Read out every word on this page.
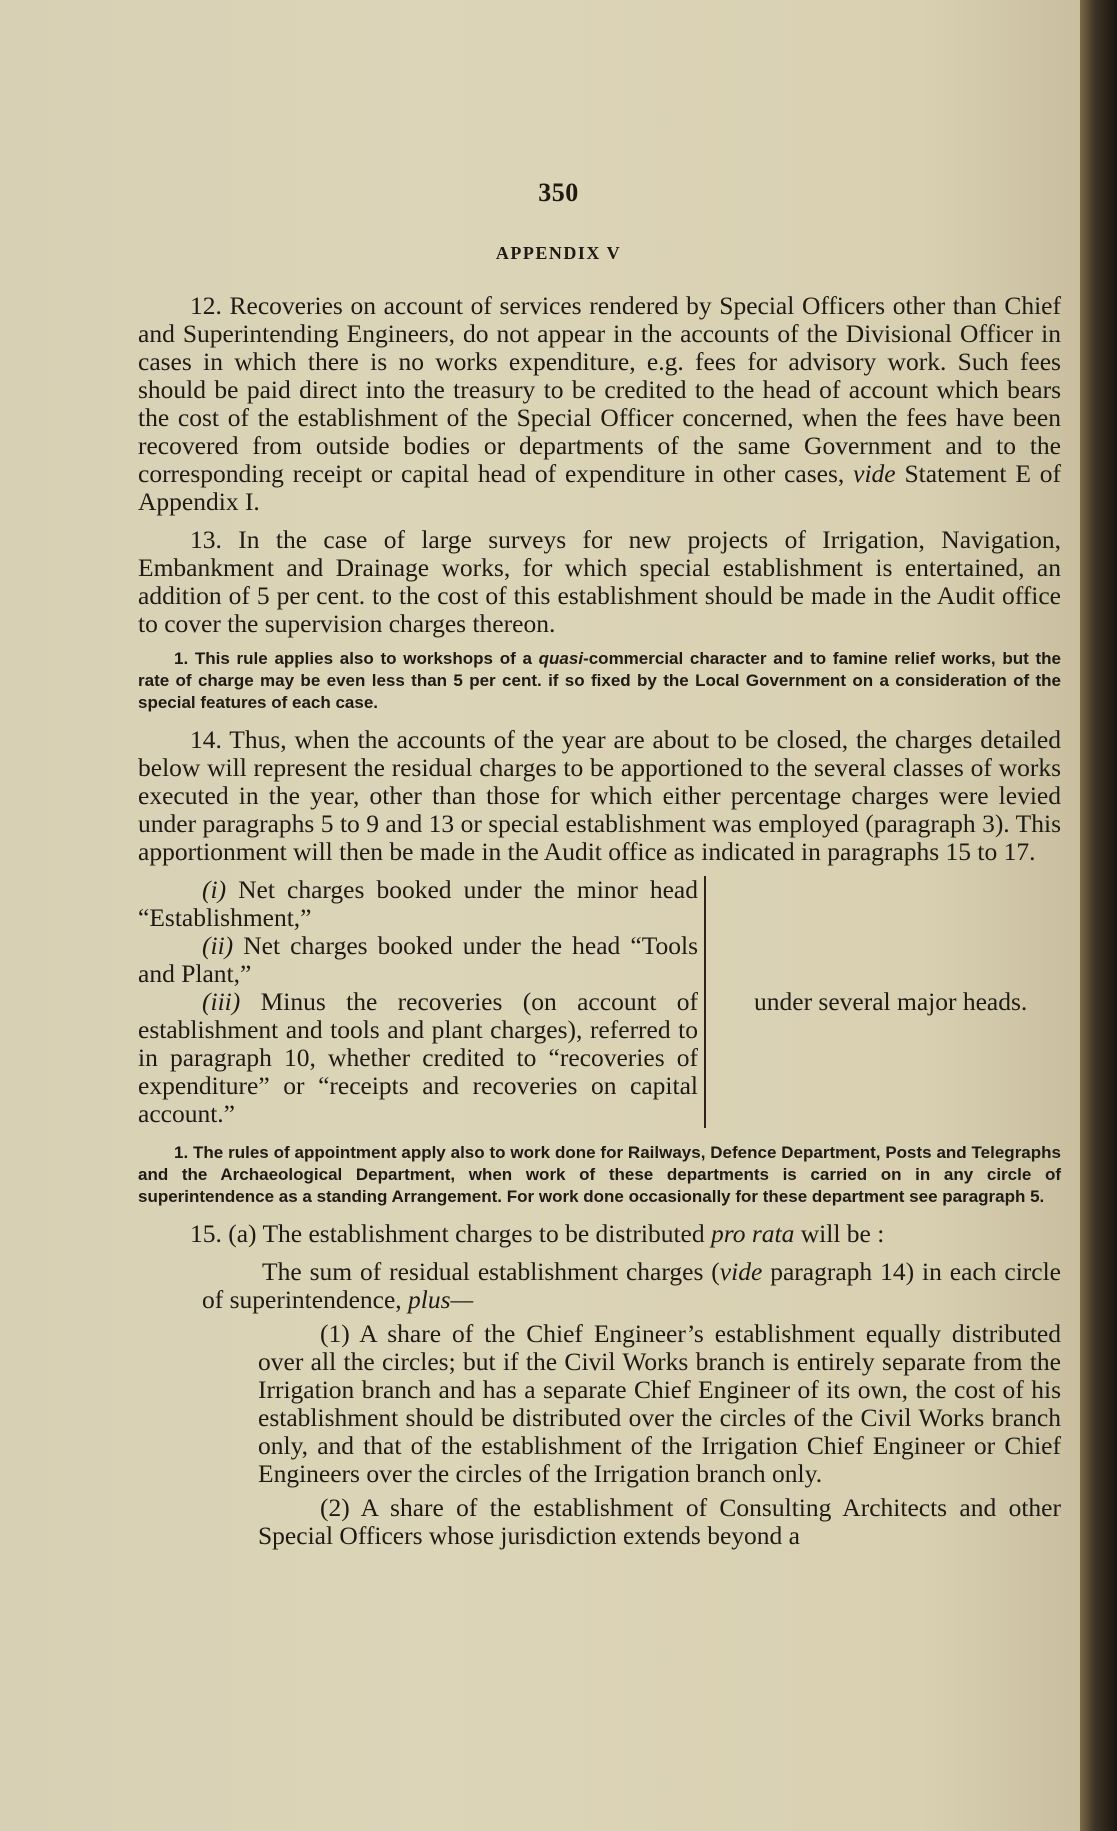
350
APPENDIX V

12. Recoveries on account of services rendered by Special Officers other than Chief and Superintending Engineers, do not appear in the accounts of the Divisional Officer in cases in which there is no works expenditure, e.g. fees for advisory work. Such fees should be paid direct into the treasury to be credited to the head of account which bears the cost of the establishment of the Special Officer concerned, when the fees have been recovered from outside bodies or departments of the same Government and to the corresponding receipt or capital head of expenditure in other cases, vide Statement E of Appendix I.

13. In the case of large surveys for new projects of Irrigation, Navigation, Embankment and Drainage works, for which special establishment is entertained, an addition of 5 per cent. to the cost of this establishment should be made in the Audit office to cover the supervision charges thereon.

1. This rule applies also to workshops of a quasi-commercial character and to famine relief works, but the rate of charge may be even less than 5 per cent. if so fixed by the Local Government on a consideration of the special features of each case.

14. Thus, when the accounts of the year are about to be closed, the charges detailed below will represent the residual charges to be apportioned to the several classes of works executed in the year, other than those for which either percentage charges were levied under paragraphs 5 to 9 and 13 or special establishment was employed (paragraph 3). This apportionment will then be made in the Audit office as indicated in paragraphs 15 to 17.

(i) Net charges booked under the minor head “Establishment,”

(ii) Net charges booked under the head “Tools and Plant,”

(iii) Minus the recoveries (on account of establishment and tools and plant charges), referred to in paragraph 10, whether credited to “recoveries of expenditure” or “receipts and recoveries on capital account.”

under several major heads.

1. The rules of appointment apply also to work done for Railways, Defence Department, Posts and Telegraphs and the Archaeological Department, when work of these departments is carried on in any circle of superintendence as a standing Arrangement. For work done occasionally for these department see paragraph 5.

15. (a) The establishment charges to be distributed pro rata will be :

The sum of residual establishment charges (vide paragraph 14) in each circle of superintendence, plus—

(1) A share of the Chief Engineer’s establishment equally distributed over all the circles; but if the Civil Works branch is entirely separate from the Irrigation branch and has a separate Chief Engineer of its own, the cost of his establishment should be distributed over the circles of the Civil Works branch only, and that of the establishment of the Irrigation Chief Engineer or Chief Engineers over the circles of the Irrigation branch only.

(2) A share of the establishment of Consulting Architects and other Special Officers whose jurisdiction extends beyond a
